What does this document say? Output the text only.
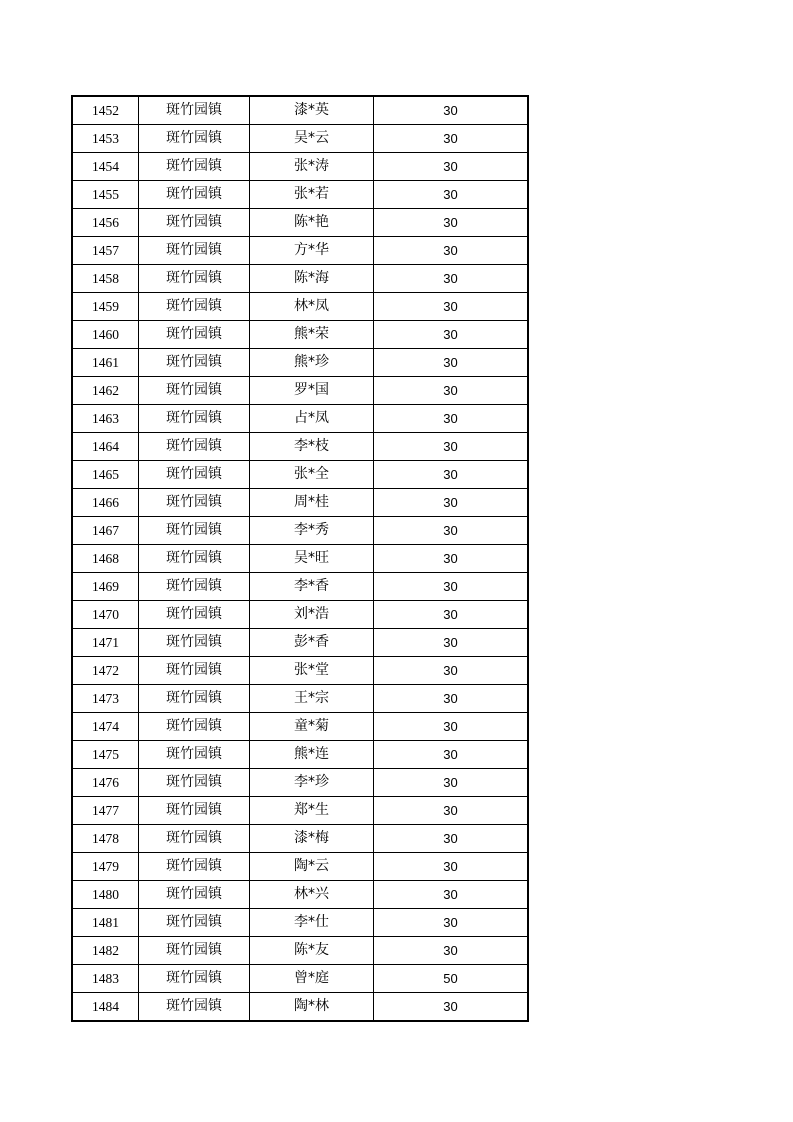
1452	斑竹园镇	漆*英	30
1453	斑竹园镇	吴*云	30
1454	斑竹园镇	张*涛	30
1455	斑竹园镇	张*若	30
1456	斑竹园镇	陈*艳	30
1457	斑竹园镇	方*华	30
1458	斑竹园镇	陈*海	30
1459	斑竹园镇	林*凤	30
1460	斑竹园镇	熊*荣	30
1461	斑竹园镇	熊*珍	30
1462	斑竹园镇	罗*国	30
1463	斑竹园镇	占*凤	30
1464	斑竹园镇	李*枝	30
1465	斑竹园镇	张*全	30
1466	斑竹园镇	周*桂	30
1467	斑竹园镇	李*秀	30
1468	斑竹园镇	吴*旺	30
1469	斑竹园镇	李*香	30
1470	斑竹园镇	刘*浩	30
1471	斑竹园镇	彭*香	30
1472	斑竹园镇	张*堂	30
1473	斑竹园镇	王*宗	30
1474	斑竹园镇	童*菊	30
1475	斑竹园镇	熊*连	30
1476	斑竹园镇	李*珍	30
1477	斑竹园镇	郑*生	30
1478	斑竹园镇	漆*梅	30
1479	斑竹园镇	陶*云	30
1480	斑竹园镇	林*兴	30
1481	斑竹园镇	李*仕	30
1482	斑竹园镇	陈*友	30
1483	斑竹园镇	曾*庭	50
1484	斑竹园镇	陶*林	30
